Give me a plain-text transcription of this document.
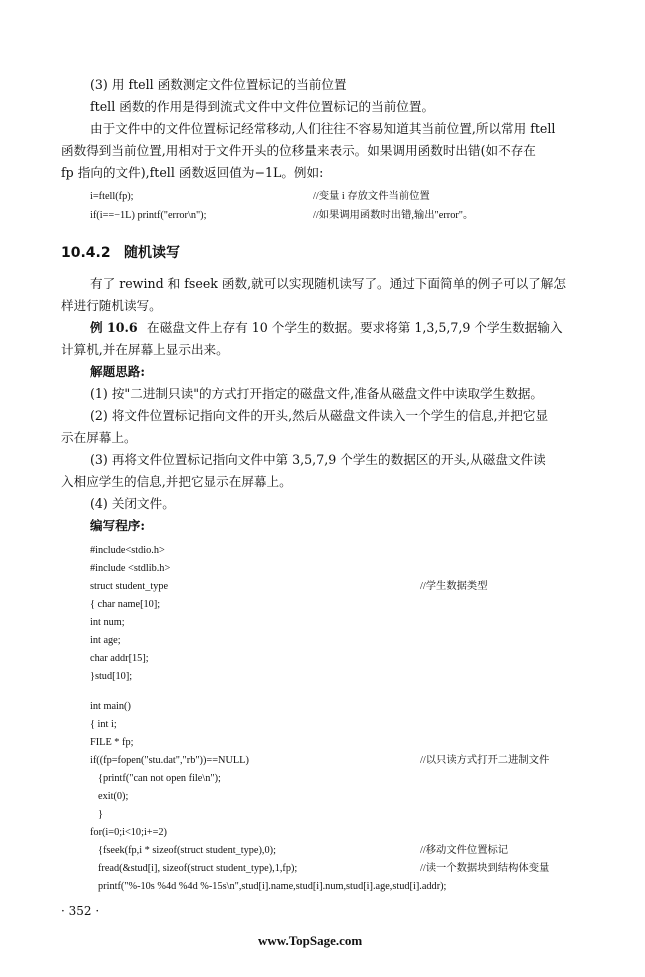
(3) 用 ftell 函数测定文件位置标记的当前位置
ftell 函数的作用是得到流式文件中文件位置标记的当前位置。
由于文件中的文件位置标记经常移动,人们往往不容易知道其当前位置,所以常用 ftell
函数得到当前位置,用相对于文件开头的位移量来表示。如果调用函数时出错(如不存在
fp 指向的文件),ftell 函数返回值为−1L。例如:
i=ftell(fp);	//变量 i 存放文件当前位置
if(i==−1L) printf("error\n");	//如果调用函数时出错,输出"error"。
10.4.2 随机读写
有了 rewind 和 fseek 函数,就可以实现随机读写了。通过下面简单的例子可以了解怎
样进行随机读写。
例 10.6 在磁盘文件上存有 10 个学生的数据。要求将第 1,3,5,7,9 个学生数据输入
计算机,并在屏幕上显示出来。
解题思路:
(1) 按"二进制只读"的方式打开指定的磁盘文件,准备从磁盘文件中读取学生数据。
(2) 将文件位置标记指向文件的开头,然后从磁盘文件读入一个学生的信息,并把它显
示在屏幕上。
(3) 再将文件位置标记指向文件中第 3,5,7,9 个学生的数据区的开头,从磁盘文件读
入相应学生的信息,并把它显示在屏幕上。
(4) 关闭文件。
编写程序:
#include<stdio.h>
#include <stdlib.h>
struct student_type	//学生数据类型
{ char name[10];
int num;
int age;
char addr[15];
}stud[10];
int main()
{ int i;
FILE * fp;
if((fp=fopen("stu.dat","rb"))==NULL)	//以只读方式打开二进制文件
{printf("can not open file\n");
exit(0);
}
for(i=0;i<10;i+=2)
{fseek(fp,i * sizeof(struct student_type),0);	//移动文件位置标记
fread(&stud[i], sizeof(struct student_type),1,fp);	//读一个数据块到结构体变量
printf("%-10s %4d %4d %-15s\n",stud[i].name,stud[i].num,stud[i].age,stud[i].addr);
· 352 ·
www.TopSage.com
